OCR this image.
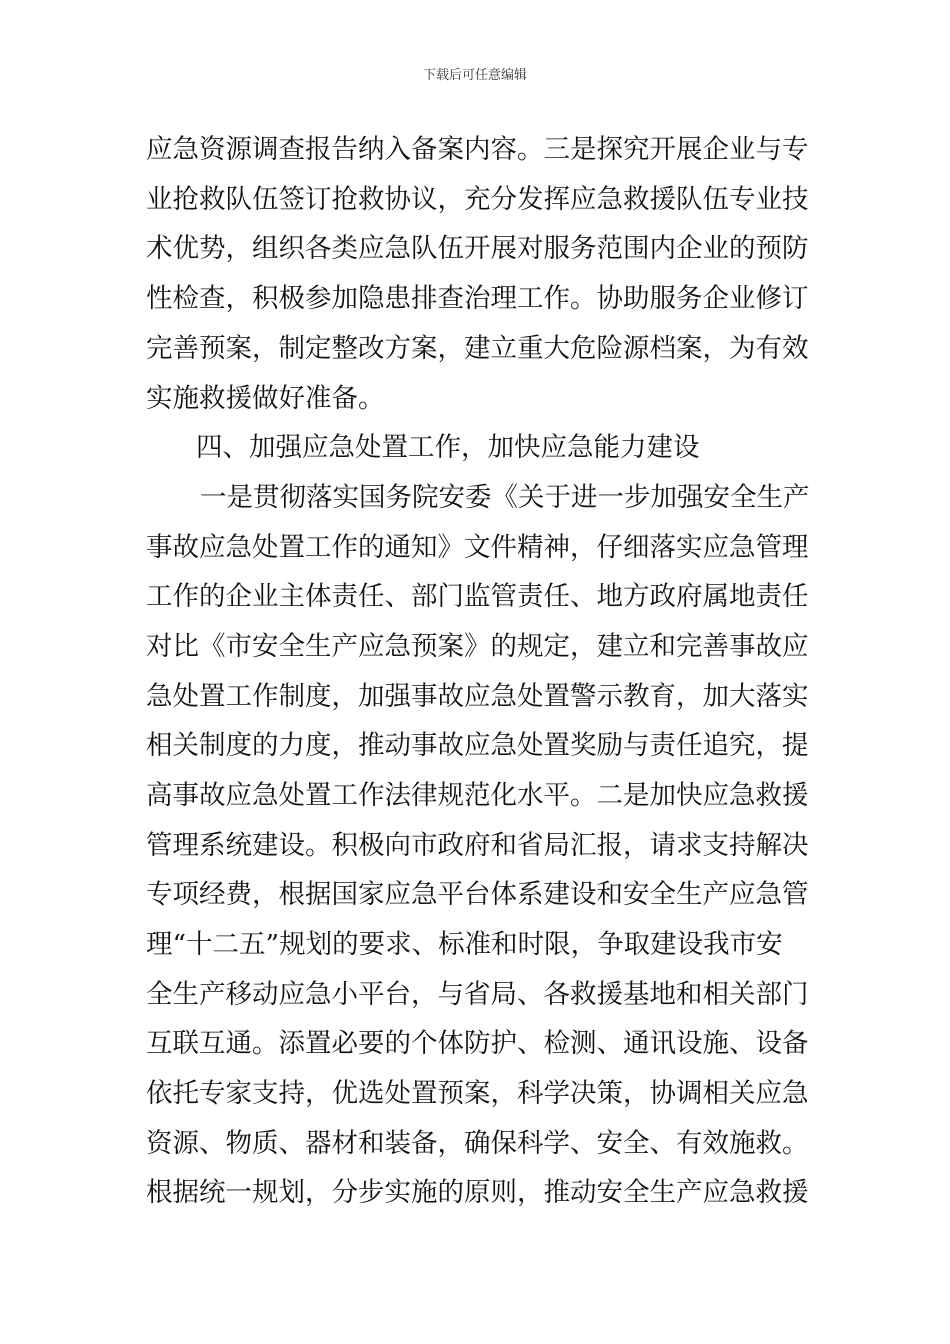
下载后可任意编辑
应急资源调查报告纳入备案内容。三是探究开展企业与专
业抢救队伍签订抢救协议，充分发挥应急救援队伍专业技
术优势，组织各类应急队伍开展对服务范围内企业的预防
性检查，积极参加隐患排查治理工作。协助服务企业修订
完善预案，制定整改方案，建立重大危险源档案，为有效
实施救援做好准备。
四、加强应急处置工作，加快应急能力建设
一是贯彻落实国务院安委《关于进一步加强安全生产
事故应急处置工作的通知》文件精神，仔细落实应急管理
工作的企业主体责任、部门监管责任、地方政府属地责任
对比《市安全生产应急预案》的规定，建立和完善事故应
急处置工作制度，加强事故应急处置警示教育，加大落实
相关制度的力度，推动事故应急处置奖励与责任追究，提
高事故应急处置工作法律规范化水平。二是加快应急救援
管理系统建设。积极向市政府和省局汇报，请求支持解决
专项经费，根据国家应急平台体系建设和安全生产应急管
理“十二五”规划的要求、标准和时限，争取建设我市安
全生产移动应急小平台，与省局、各救援基地和相关部门
互联互通。添置必要的个体防护、检测、通讯设施、设备
依托专家支持，优选处置预案，科学决策，协调相关应急
资源、物质、器材和装备，确保科学、安全、有效施救。
根据统一规划，分步实施的原则，推动安全生产应急救援
